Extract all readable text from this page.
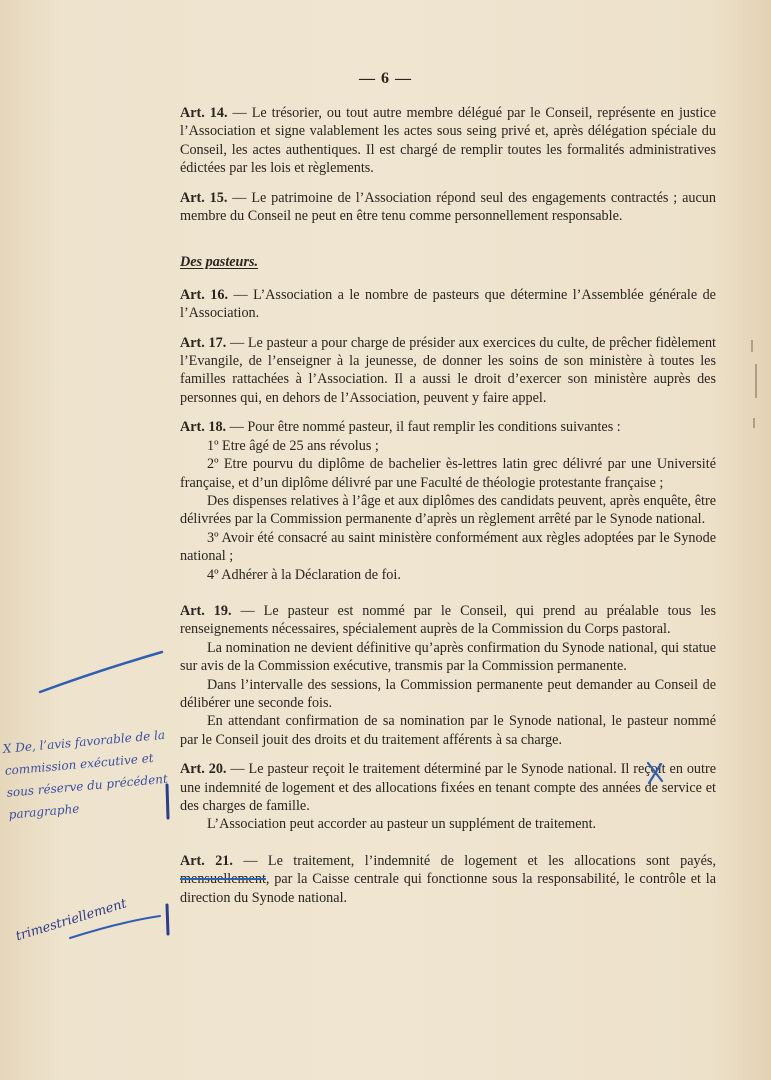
— 6 —

Art. 14. — Le trésorier, ou tout autre membre délégué par le Conseil, représente en justice l’Association et signe valablement les actes sous seing privé et, après délégation spéciale du Conseil, les actes authentiques. Il est chargé de remplir toutes les formalités administratives édictées par les lois et règlements.

Art. 15. — Le patrimoine de l’Association répond seul des engagements contractés ; aucun membre du Conseil ne peut en être tenu comme personnellement responsable.

Des pasteurs.

Art. 16. — L’Association a le nombre de pasteurs que détermine l’Assemblée générale de l’Association.

Art. 17. — Le pasteur a pour charge de présider aux exercices du culte, de prêcher fidèlement l’Evangile, de l’enseigner à la jeunesse, de donner les soins de son ministère à toutes les familles rattachées à l’Association. Il a aussi le droit d’exercer son ministère auprès des personnes qui, en dehors de l’Association, peuvent y faire appel.

Art. 18. — Pour être nommé pasteur, il faut remplir les conditions suivantes :

1º Etre âgé de 25 ans révolus ;

2º Etre pourvu du diplôme de bachelier ès-lettres latin grec délivré par une Université française, et d’un diplôme délivré par une Faculté de théologie protestante française ;

Des dispenses relatives à l’âge et aux diplômes des candidats peuvent, après enquête, être délivrées par la Commission permanente d’après un règlement arrêté par le Synode national.

3º Avoir été consacré au saint ministère conformément aux règles adoptées par le Synode national ;

4º Adhérer à la Déclaration de foi.

Art. 19. — Le pasteur est nommé par le Conseil, qui prend au préalable tous les renseignements nécessaires, spécialement auprès de la Commission du Corps pastoral.

La nomination ne devient définitive qu’après confirmation du Synode national, qui statue sur avis de la Commission exécutive, transmis par la Commission permanente.

Dans l’intervalle des sessions, la Commission permanente peut demander au Conseil de délibérer une seconde fois.

En attendant confirmation de sa nomination par le Synode national, le pasteur nommé par le Conseil jouit des droits et du traitement afférents à sa charge.

Art. 20. — Le pasteur reçoit le traitement déterminé par le Synode national. Il reçoit en outre une indemnité de logement et des allocations fixées en tenant compte des années de service et des charges de famille.

L’Association peut accorder au pasteur un supplément de traitement.

Art. 21. — Le traitement, l’indemnité de logement et les allocations sont payés, mensuellement, par la Caisse centrale qui fonctionne sous la responsabilité, le contrôle et la direction du Synode national.

X De, l’avis favorable de la commission exécutive et sous réserve du précédent paragraphe
trimestriellement
